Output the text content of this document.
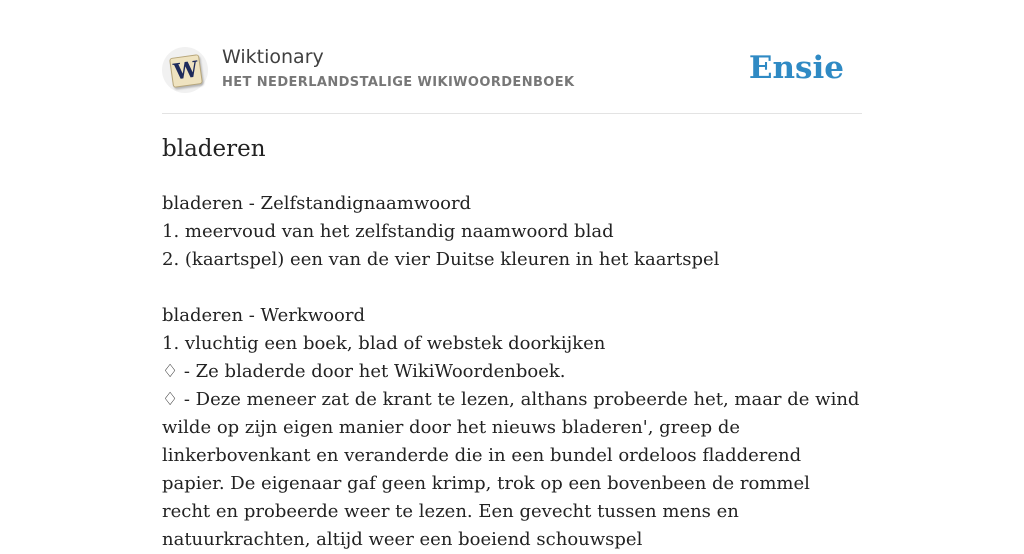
W Wiktionary
HET NEDERLANDSTALIGE WIKIWOORDENBOEK	Ensie
bladeren

bladeren - Zelfstandignaamwoord

1. meervoud van het zelfstandig naamwoord blad

2. (kaartspel) een van de vier Duitse kleuren in het kaartspel

bladeren - Werkwoord

1. vluchtig een boek, blad of webstek doorkijken

♢ - Ze bladerde door het WikiWoordenboek.

♢ - Deze meneer zat de krant te lezen, althans probeerde het, maar de wind wilde op zijn eigen manier door het nieuws bladeren', greep de linkerbovenkant en veranderde die in een bundel ordeloos fladderend papier. De eigenaar gaf geen krimp, trok op een bovenbeen de rommel recht en probeerde weer te lezen. Een gevecht tussen mens en natuurkrachten, altijd weer een boeiend schouwspel
